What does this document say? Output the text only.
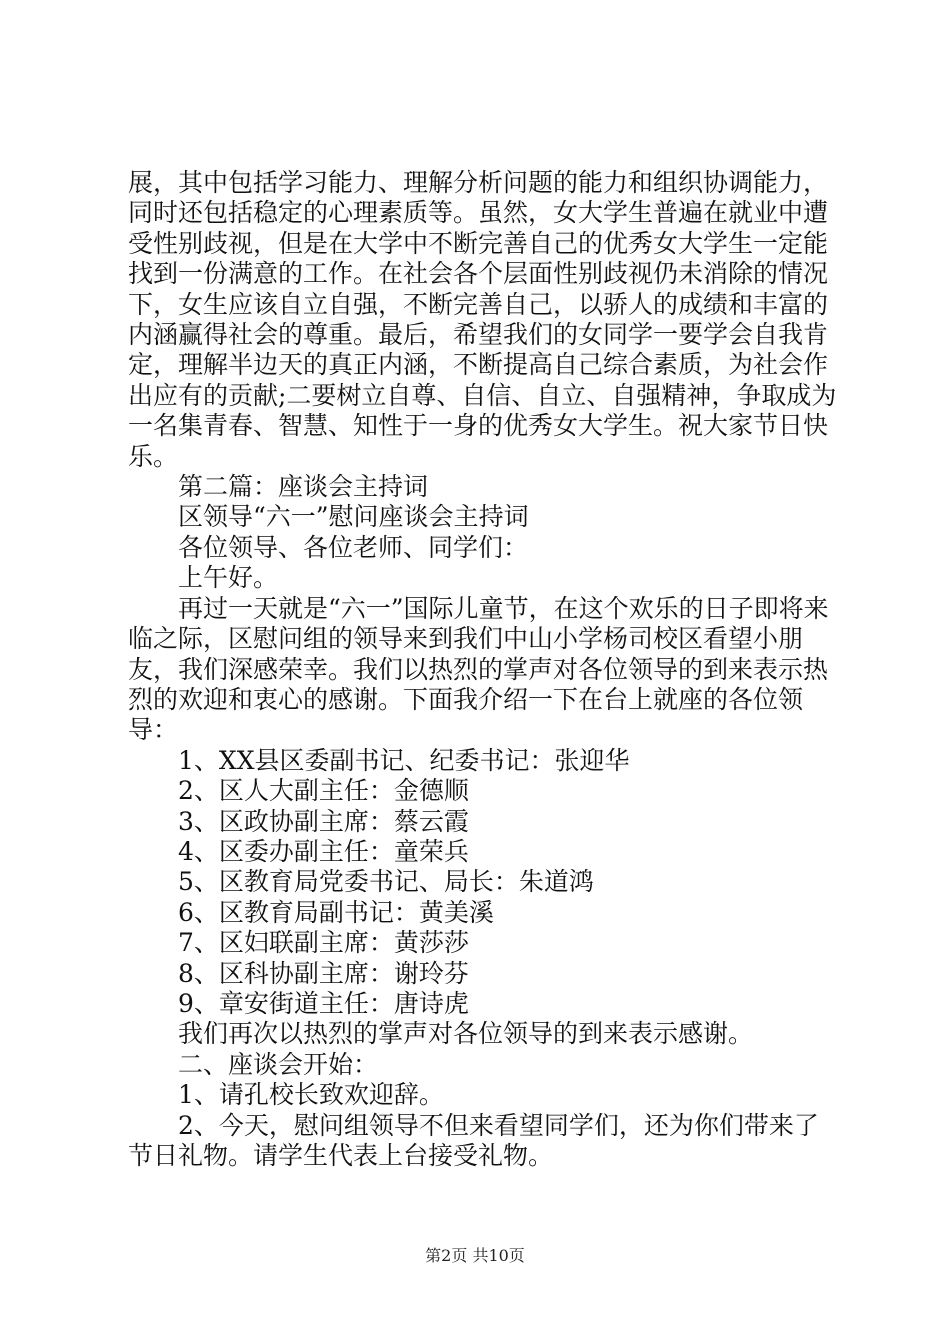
展，其中包括学习能力、理解分析问题的能力和组织协调能力，同时还包括稳定的心理素质等。虽然，女大学生普遍在就业中遭受性别歧视，但是在大学中不断完善自己的优秀女大学生一定能找到一份满意的工作。在社会各个层面性别歧视仍未消除的情况下，女生应该自立自强，不断完善自己，以骄人的成绩和丰富的内涵赢得社会的尊重。最后，希望我们的女同学一要学会自我肯定，理解半边天的真正内涵，不断提高自己综合素质，为社会作出应有的贡献;二要树立自尊、自信、自立、自强精神，争取成为一名集青春、智慧、知性于一身的优秀女大学生。祝大家节日快乐。

第二篇：座谈会主持词

区领导“六一”慰问座谈会主持词

各位领导、各位老师、同学们：

上午好。

再过一天就是“六一”国际儿童节，在这个欢乐的日子即将来临之际，区慰问组的领导来到我们中山小学杨司校区看望小朋友，我们深感荣幸。我们以热烈的掌声对各位领导的到来表示热烈的欢迎和衷心的感谢。下面我介绍一下在台上就座的各位领导：

1、XX县区委副书记、纪委书记：张迎华

2、区人大副主任：金德顺

3、区政协副主席：蔡云霞

4、区委办副主任：童荣兵

5、区教育局党委书记、局长：朱道鸿

6、区教育局副书记：黄美溪

7、区妇联副主席：黄莎莎

8、区科协副主席：谢玲芬

9、章安街道主任：唐诗虎

我们再次以热烈的掌声对各位领导的到来表示感谢。

二、座谈会开始：

1、请孔校长致欢迎辞。

2、今天，慰问组领导不但来看望同学们，还为你们带来了节日礼物。请学生代表上台接受礼物。

第2页 共10页
